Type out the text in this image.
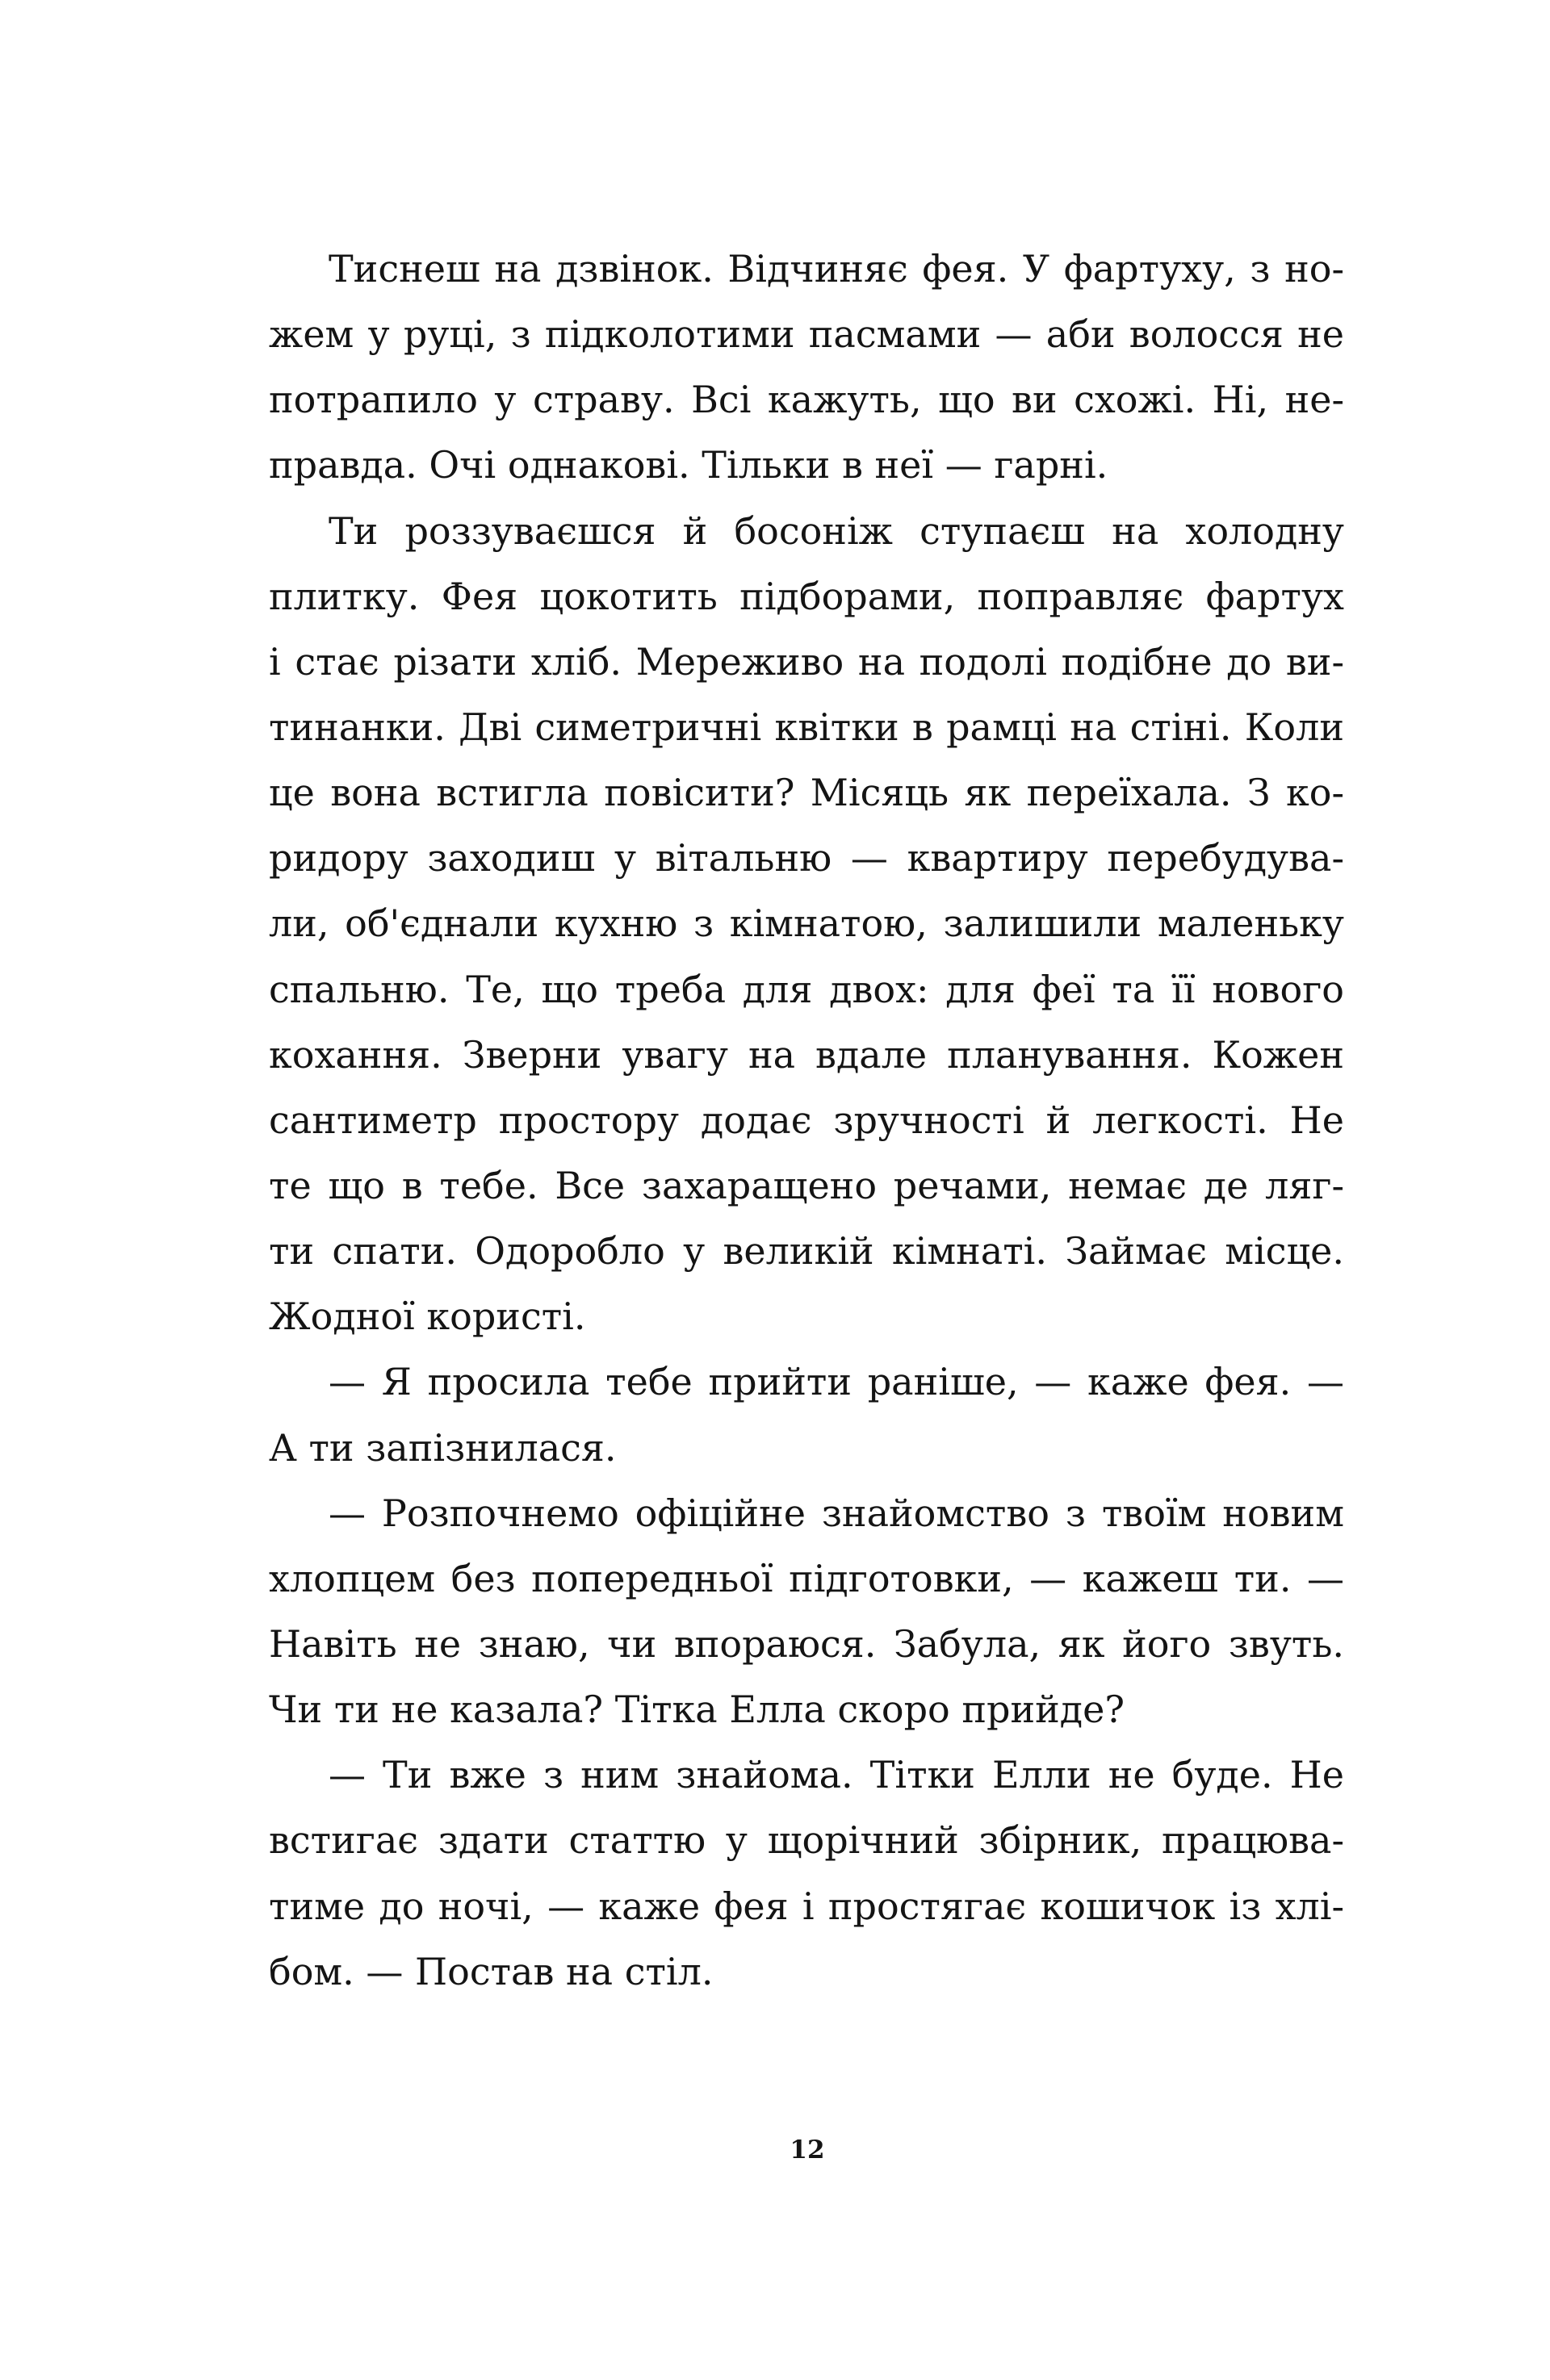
Тиснеш на дзвінок. Відчиняє фея. У фартуху, з но-
жем у руці, з підколотими пасмами — аби волосся не
потрапило у страву. Всі кажуть, що ви схожі. Ні, не-
правда. Очі однакові. Тільки в неї — гарні.
Ти роззуваєшся й босоніж ступаєш на холодну
плитку. Фея цокотить підборами, поправляє фартух
і стає різати хліб. Мереживо на подолі подібне до ви-
тинанки. Дві симетричні квітки в рамці на стіні. Коли
це вона встигла повісити? Місяць як переїхала. З ко-
ридору заходиш у вітальню — квартиру перебудува-
ли, об'єднали кухню з кімнатою, залишили маленьку
спальню. Те, що треба для двох: для феї та її нового
кохання. Зверни увагу на вдале планування. Кожен
сантиметр простору додає зручності й легкості. Не
те що в тебе. Все захаращено речами, немає де ляг-
ти спати. Одоробло у великій кімнаті. Займає місце.
Жодної користі.
— Я просила тебе прийти раніше, — каже фея. —
А ти запізнилася.
— Розпочнемо офіційне знайомство з твоїм новим
хлопцем без попередньої підготовки, — кажеш ти. —
Навіть не знаю, чи впораюся. Забула, як його звуть.
Чи ти не казала? Тітка Елла скоро прийде?
— Ти вже з ним знайома. Тітки Елли не буде. Не
встигає здати статтю у щорічний збірник, працюва-
тиме до ночі, — каже фея і простягає кошичок із хлі-
бом. — Постав на стіл.
12
